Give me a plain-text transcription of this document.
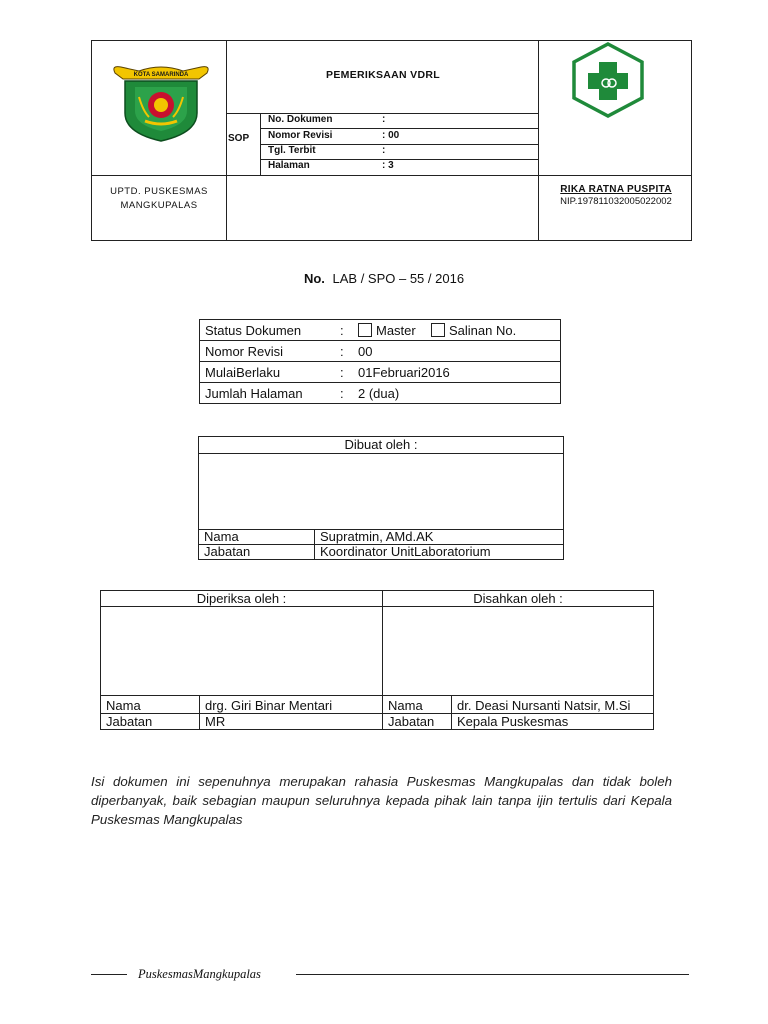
KOTA SAMARINDA	PEMERIKSAAN VDRL
SOP
No. Dokumen	:
Nomor Revisi	: 00
Tgl. Terbit	:
Halaman	: 3
UPTD. PUSKESMAS
MANGKUPALAS
RIKA RATNA PUSPITA
NIP.197811032005022002
No. LAB / SPO – 55 / 2016
Status Dokumen	:	Master Salinan No.
Nomor Revisi	:	00
MulaiBerlaku	:	01Februari2016
Jumlah Halaman	:	2 (dua)
Dibuat oleh :	

Nama	Supratmin, AMd.AK
Jabatan	Koordinator UnitLaboratorium
Diperiksa oleh :		Disahkan oleh :	

Nama	drg. Giri Binar Mentari	Nama	dr. Deasi Nursanti Natsir, M.Si
Jabatan	MR	Jabatan	Kepala Puskesmas
Isi dokumen ini sepenuhnya merupakan rahasia Puskesmas Mangkupalas dan tidak boleh diperbanyak, baik sebagian maupun seluruhnya kepada pihak lain tanpa ijin tertulis dari Kepala Puskesmas Mangkupalas
PuskesmasMangkupalas
